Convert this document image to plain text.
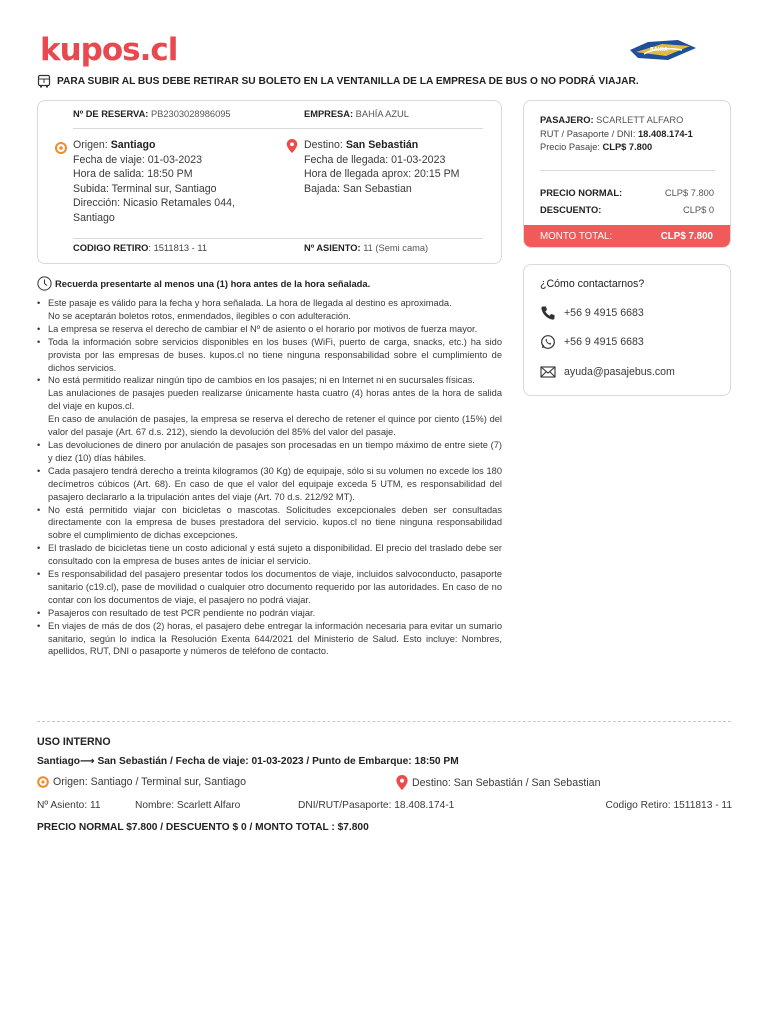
kupos.cl	BAHIA
PARA SUBIR AL BUS DEBE RETIRAR SU BOLETO EN LA VENTANILLA DE LA EMPRESA DE BUS O NO PODRÁ VIAJAR.
Nº DE RESERVA: PB2303028986095	EMPRESA: BAHÍA AZUL
Origen: Santiago
Fecha de viaje: 01-03-2023
Hora de salida: 18:50 PM
Subida: Terminal sur, Santiago
Dirección: Nicasio Retamales 044,
Santiago
Destino: San Sebastián
Fecha de llegada: 01-03-2023
Hora de llegada aprox: 20:15 PM
Bajada: San Sebastian
CODIGO RETIRO: 1511813 - 11	Nº ASIENTO: 11 (Semi cama)
PASAJERO: SCARLETT ALFARO
RUT / Pasaporte / DNI: 18.408.174-1
Precio Pasaje: CLP$ 7.800
PRECIO NORMAL:	CLP$ 7.800
DESCUENTO:	CLP$ 0
MONTO TOTAL:	CLP$ 7.800
¿Cómo contactarnos?
+56 9 4915 6683
+56 9 4915 6683
ayuda@pasajebus.com
Recuerda presentarte al menos una (1) hora antes de la hora señalada.
• Este pasaje es válido para la fecha y hora señalada. La hora de llegada al destino es aproximada.
No se aceptarán boletos rotos, enmendados, ilegibles o con adulteración.
• La empresa se reserva el derecho de cambiar el Nº de asiento o el horario por motivos de fuerza mayor.
• Toda la información sobre servicios disponibles en los buses (WiFi, puerto de carga, snacks, etc.) ha sido provista por las empresas de buses. kupos.cl no tiene ninguna responsabilidad sobre el cumplimiento de dichos servicios.
• No está permitido realizar ningún tipo de cambios en los pasajes; ni en Internet ni en sucursales físicas.
Las anulaciones de pasajes pueden realizarse únicamente hasta cuatro (4) horas antes de la hora de salida del viaje en kupos.cl.
En caso de anulación de pasajes, la empresa se reserva el derecho de retener el quince por ciento (15%) del valor del pasaje (Art. 67 d.s. 212), siendo la devolución del 85% del valor del pasaje.
• Las devoluciones de dinero por anulación de pasajes son procesadas en un tiempo máximo de entre siete (7) y diez (10) días hábiles.
• Cada pasajero tendrá derecho a treinta kilogramos (30 Kg) de equipaje, sólo si su volumen no excede los 180 decímetros cúbicos (Art. 68). En caso de que el valor del equipaje exceda 5 UTM, es responsabilidad del pasajero declararlo a la tripulación antes del viaje (Art. 70 d.s. 212/92 MT).
• No está permitido viajar con bicicletas o mascotas. Solicitudes excepcionales deben ser consultadas directamente con la empresa de buses prestadora del servicio. kupos.cl no tiene ninguna responsabilidad sobre el cumplimiento de dichas excepciones.
• El traslado de bicicletas tiene un costo adicional y está sujeto a disponibilidad. El precio del traslado debe ser consultado con la empresa de buses antes de iniciar el servicio.
• Es responsabilidad del pasajero presentar todos los documentos de viaje, incluidos salvoconducto, pasaporte sanitario (c19.cl), pase de movilidad o cualquier otro documento requerido por las autoridades. En caso de no contar con los documentos de viaje, el pasajero no podrá viajar.
• Pasajeros con resultado de test PCR pendiente no podrán viajar.
• En viajes de más de dos (2) horas, el pasajero debe entregar la información necesaria para evitar un sumario sanitario, según lo indica la Resolución Exenta 644/2021 del Ministerio de Salud. Esto incluye: Nombres, apellidos, RUT, DNI o pasaporte y números de teléfono de contacto.
USO INTERNO
Santiago⟶ San Sebastián / Fecha de viaje: 01-03-2023 / Punto de Embarque: 18:50 PM
Origen: Santiago / Terminal sur, Santiago	Destino: San Sebastián / San Sebastian
Nº Asiento: 11	Nombre: Scarlett Alfaro	DNI/RUT/Pasaporte: 18.408.174-1	Codigo Retiro: 1511813 - 11
PRECIO NORMAL $7.800 / DESCUENTO $ 0 / MONTO TOTAL : $7.800
